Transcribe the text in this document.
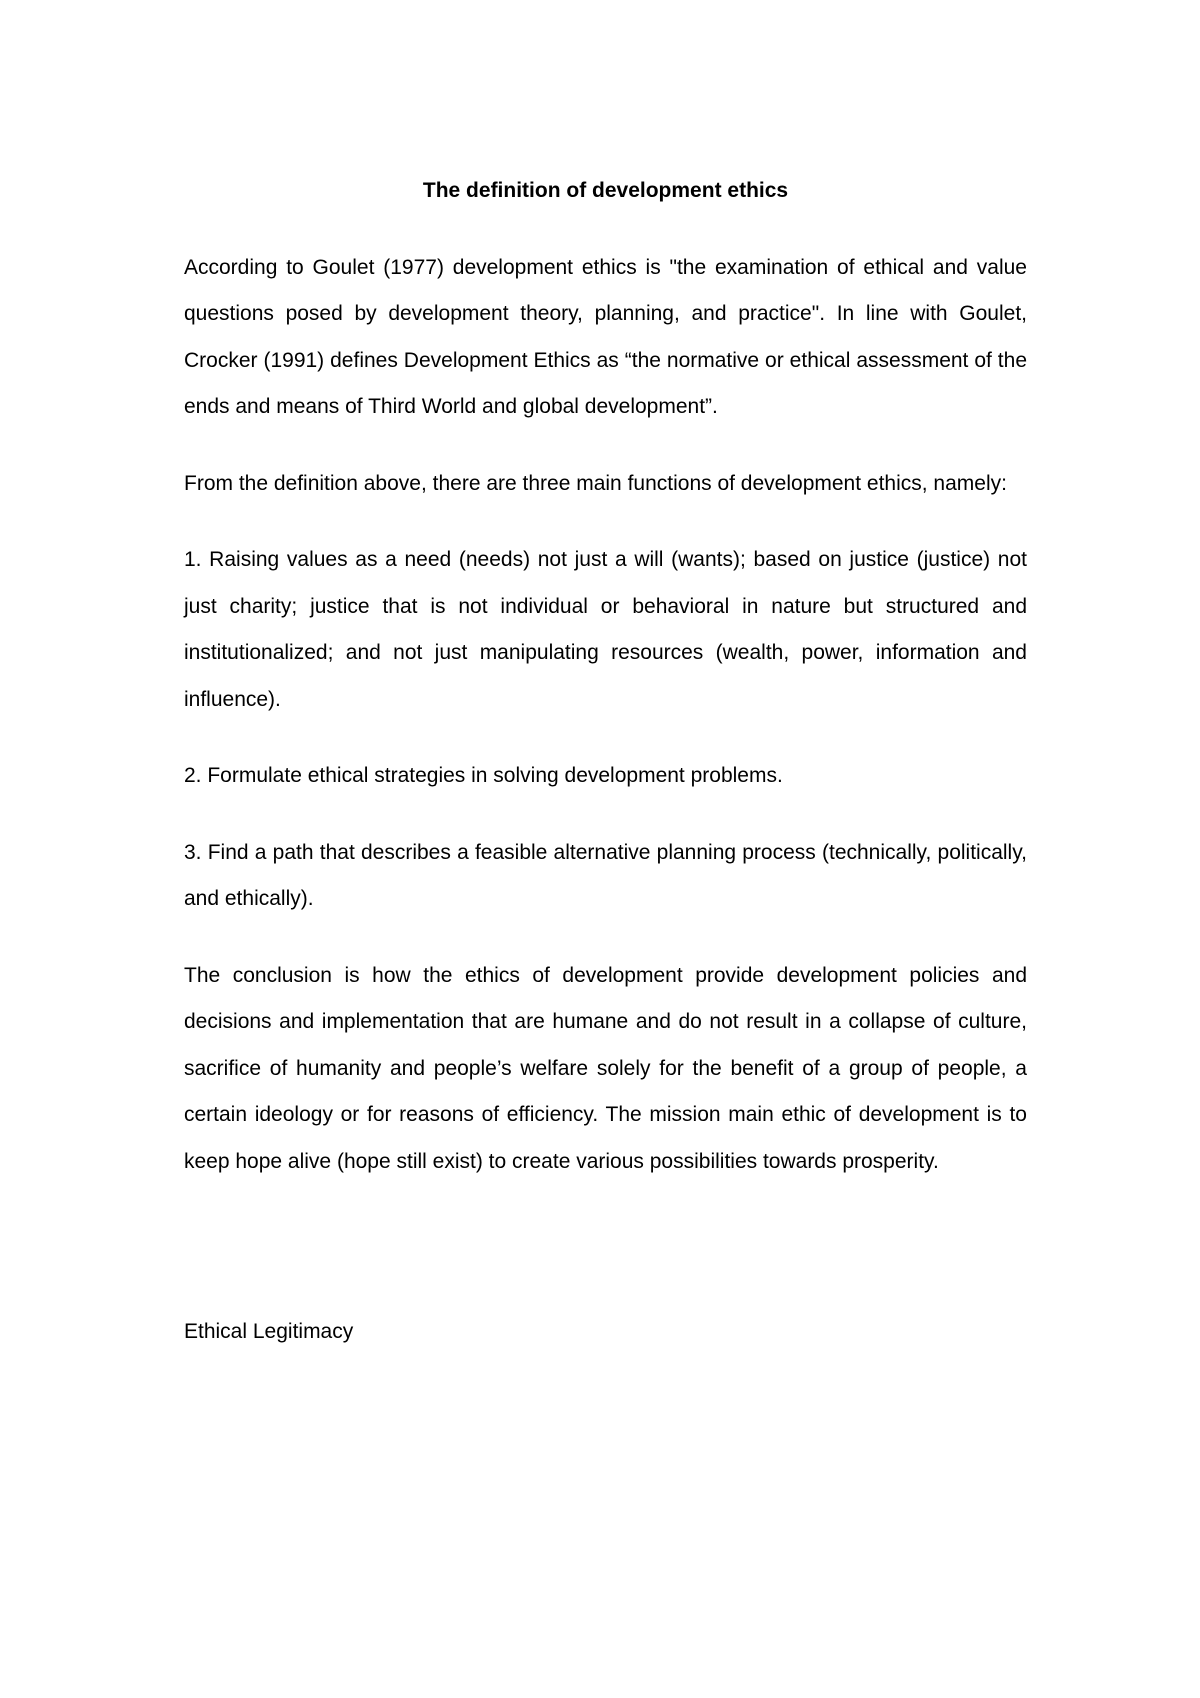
The definition of development ethics
According to Goulet (1977) development ethics is "the examination of ethical and value questions posed by development theory, planning, and practice". In line with Goulet, Crocker (1991) defines Development Ethics as “the normative or ethical assessment of the ends and means of Third World and global development”.
From the definition above, there are three main functions of development ethics, namely:
1. Raising values as a need (needs) not just a will (wants); based on justice (justice) not just charity; justice that is not individual or behavioral in nature but structured and institutionalized; and not just manipulating resources (wealth, power, information and influence).
2. Formulate ethical strategies in solving development problems.
3. Find a path that describes a feasible alternative planning process (technically, politically, and ethically).
The conclusion is how the ethics of development provide development policies and decisions and implementation that are humane and do not result in a collapse of culture, sacrifice of humanity and people’s welfare solely for the benefit of a group of people, a certain ideology or for reasons of efficiency. The mission main ethic of development is to keep hope alive (hope still exist) to create various possibilities towards prosperity.
Ethical Legitimacy
